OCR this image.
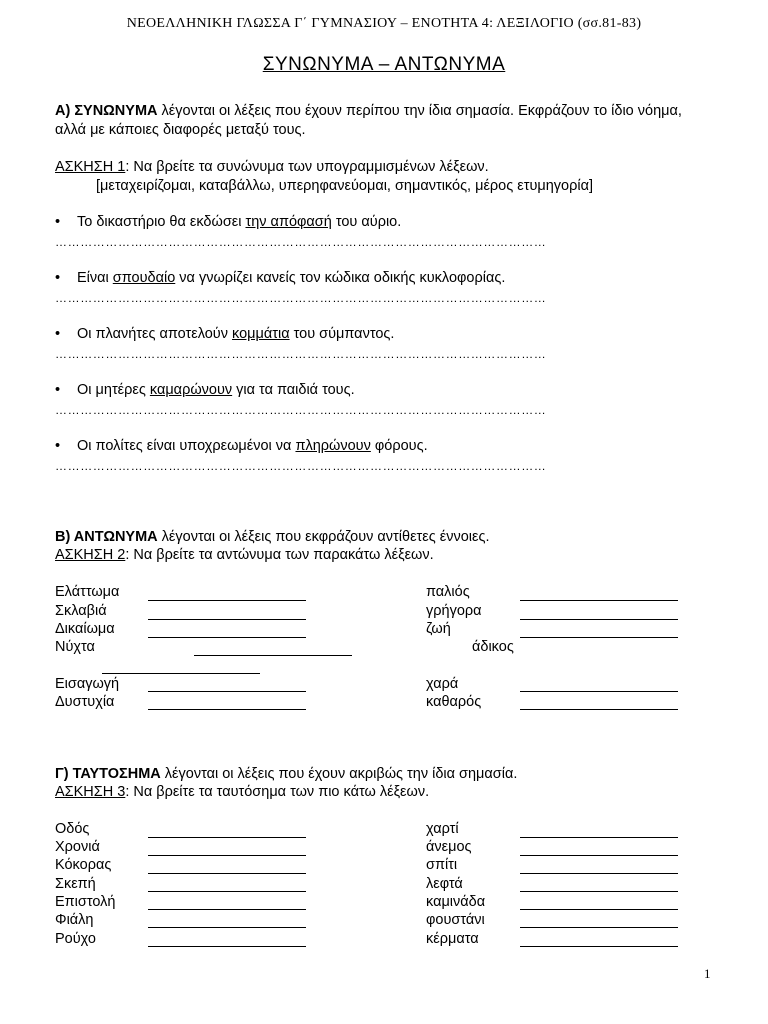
ΝΕΟΕΛΛΗΝΙΚΗ ΓΛΩΣΣΑ Γ΄ ΓΥΜΝΑΣΙΟΥ – ΕΝΟΤΗΤΑ 4: ΛΕΞΙΛΟΓΙΟ (σσ.81-83)
ΣΥΝΩΝΥΜΑ – ΑΝΤΩΝΥΜΑ
Α) ΣΥΝΩΝΥΜΑ λέγονται οι λέξεις που έχουν περίπου την ίδια σημασία. Εκφράζουν το ίδιο νόημα, αλλά με κάποιες διαφορές μεταξύ τους.
ΑΣΚΗΣΗ 1: Να βρείτε τα συνώνυμα των υπογραμμισμένων λέξεων.
[μεταχειρίζομαι, καταβάλλω, υπερηφανεύομαι, σημαντικός, μέρος ετυμηγορία]
• Το δικαστήριο θα εκδώσει την απόφασή του αύριο.
………………………………………………………………………………………………………
• Είναι σπουδαίο να γνωρίζει κανείς τον κώδικα οδικής κυκλοφορίας.
………………………………………………………………………………………………………
• Οι πλανήτες αποτελούν κομμάτια του σύμπαντος.
………………………………………………………………………………………………………
• Οι μητέρες καμαρώνουν για τα παιδιά τους.
………………………………………………………………………………………………………
• Οι πολίτες είναι υποχρεωμένοι να πληρώνουν φόρους.
………………………………………………………………………………………………………
Β) ΑΝΤΩΝΥΜΑ λέγονται οι λέξεις που εκφράζουν αντίθετες έννοιες.
ΑΣΚΗΣΗ 2: Να βρείτε τα αντώνυμα των παρακάτω λέξεων.
Ελάττωμα
Σκλαβιά
Δικαίωμα
Νύχτα
Εισαγωγή
Δυστυχία
παλιός
γρήγορα
ζωή
άδικος
χαρά
καθαρός
Γ) ΤΑΥΤΟΣΗΜΑ λέγονται οι λέξεις που έχουν ακριβώς την ίδια σημασία.
ΑΣΚΗΣΗ 3: Να βρείτε τα ταυτόσημα των πιο κάτω λέξεων.
Οδός
Χρονιά
Κόκορας
Σκεπή
Επιστολή
Φιάλη
Ρούχο
χαρτί
άνεμος
σπίτι
λεφτά
καμινάδα
φουστάνι
κέρματα
1
